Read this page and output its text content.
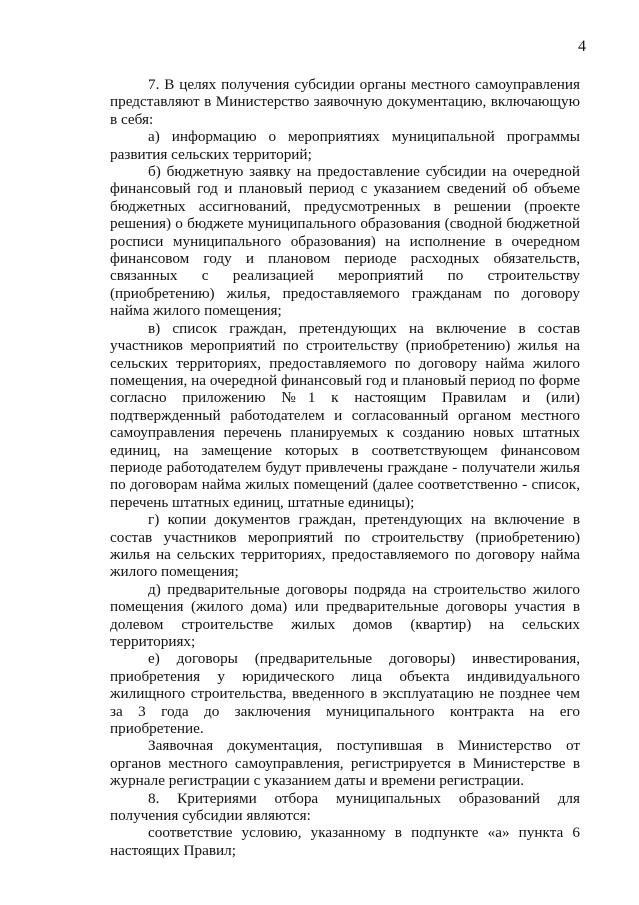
4

7. В целях получения субсидии органы местного самоуправления представляют в Министерство заявочную документацию, включающую в себя:

а) информацию о мероприятиях муниципальной программы развития сельских территорий;

б) бюджетную заявку на предоставление субсидии на очередной финансовый год и плановый период с указанием сведений об объеме бюджетных ассигнований, предусмотренных в решении (проекте решения) о бюджете муниципального образования (сводной бюджетной росписи муниципального образования) на исполнение в очередном финансовом году и плановом периоде расходных обязательств, связанных с реализацией мероприятий по строительству (приобретению) жилья, предоставляемого гражданам по договору найма жилого помещения;

в) список граждан, претендующих на включение в состав участников мероприятий по строительству (приобретению) жилья на сельских территориях, предоставляемого по договору найма жилого помещения, на очередной финансовый год и плановый период по форме согласно приложению №1 к настоящим Правилам и (или) подтвержденный работодателем и согласованный органом местного самоуправления перечень планируемых к созданию новых штатных единиц, на замещение которых в соответствующем финансовом периоде работодателем будут привлечены граждане - получатели жилья по договорам найма жилых помещений (далее соответственно - список, перечень штатных единиц, штатные единицы);

г) копии документов граждан, претендующих на включение в состав участников мероприятий по строительству (приобретению) жилья на сельских территориях, предоставляемого по договору найма жилого помещения;

д) предварительные договоры подряда на строительство жилого помещения (жилого дома) или предварительные договоры участия в долевом строительстве жилых домов (квартир) на сельских территориях;

е) договоры (предварительные договоры) инвестирования, приобретения у юридического лица объекта индивидуального жилищного строительства, введенного в эксплуатацию не позднее чем за 3 года до заключения муниципального контракта на его приобретение.

Заявочная документация, поступившая в Министерство от органов местного самоуправления, регистрируется в Министерстве в журнале регистрации с указанием даты и времени регистрации.

8. Критериями отбора муниципальных образований для получения субсидии являются:

соответствие условию, указанному в подпункте «а» пункта 6 настоящих Правил;
